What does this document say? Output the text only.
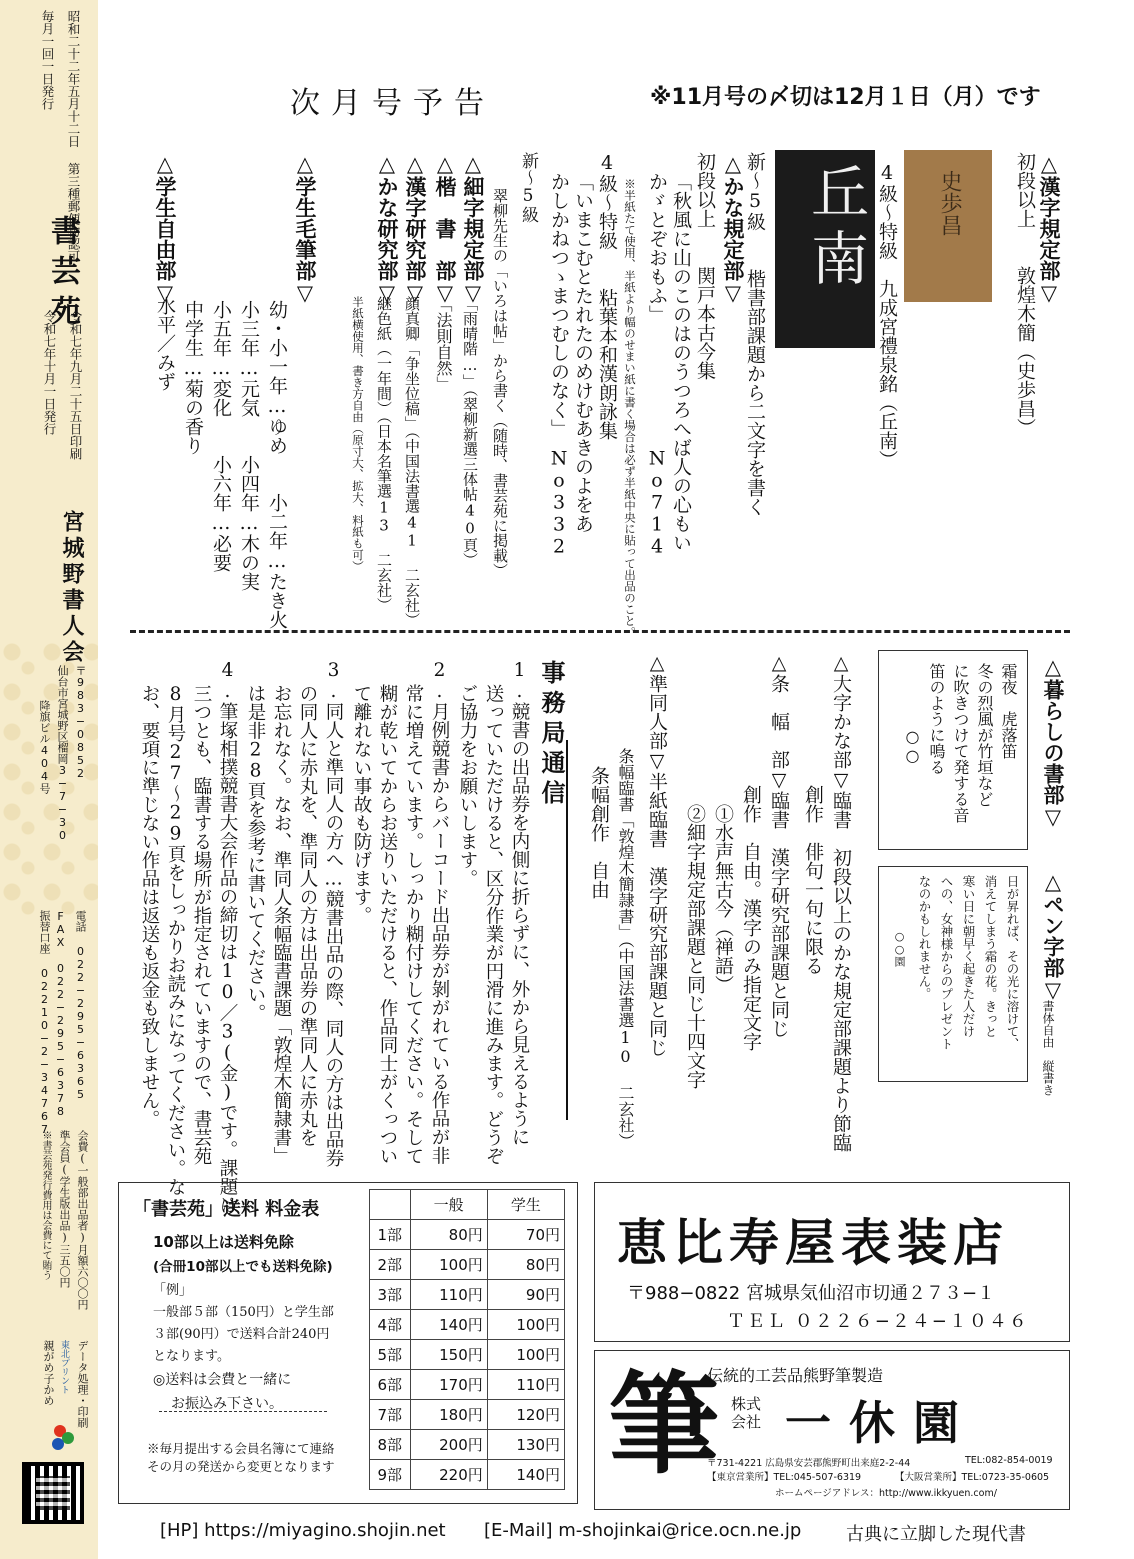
昭和二十二年五月十二日 第三種郵便物認可
毎月一回一日発行
書芸苑
令和七年九月二十五日印刷
令和七年十月一日発行
宮城野書人会
〒983−0852
仙台市宮城野区榴岡3−7−30
降旗ビル404号
電話 022−295−6365
FAX 022−295−6378
振替口座 02210−2−34767
会費(一般部出品者)月額六〇〇円
準会員(学生版出品)三五〇円
※書芸苑発行費用は会費にて賄う
データ処理・印刷
東北プリント
親がめ子かめ
次月号予告	※11月号の〆切は12月１日（月）です
△漢字規定部▽
初段以上　　敦煌木簡（史歩昌）
史歩昌
4級〜特級　九成宮禮泉銘（丘南）
丘南
新〜5級　　楷書部課題から二文字を書く
△かな規定部▽
初段以上　　関戸本古今集
「秋風に山のこのはのうつろへば人の心もい
かゞとぞおもふ」　　　　　　　No714
※半紙たて使用、半紙より幅のせまい紙に書く場合は必ず半紙中央に貼って出品のこと。
4級〜特級　　粘葉本和漢朗詠集
「いまこむとたれたのめけむあきのよをあ
かしかねつゝまつむしのなく」　No332
新〜5級
翠柳先生の「いろは帖」から書く（随時、書芸苑に掲載）
△細字規定部▽
「雨晴階…」（翠柳新選三体帖40頁）
△楷　書　部▽
「法則自然」
△漢字研究部▽
顔真卿「争坐位稿」（中国法書選41 二玄社）
△かな研究部▽
継色紙（一年間）（日本名筆選13 二玄社）
半紙横使用、書き方自由（原寸大、拡大、料紙も可）
△学生毛筆部▽
幼・小一年…ゆめ　　小二年…たき火
小三年…元気　　小四年…木の実
小五年…変化　　小六年…必要
中学生…菊の香り
△学生自由部▽
水平／みず
△暮らしの書部▽
霜夜　虎落笛
冬の烈風が竹垣など
に吹きつけて発する音
笛のように鳴る
　　　　○○
△ペン字部▽
書体自由　縦書き
日が昇れば、その光に溶けて、
消えてしまう霜の花。きっと
寒い日に朝早く起きた人だけ
への、女神様からのプレゼント
なのかもしれません。
　　　　　○○園
△大字かな部▽臨書　初段以上のかな規定部課題より節臨
　　　　　　　創作　俳句一句に限る
△条　幅　部▽臨書　漢字研究部課題と同じ
　　　　　　　創作　自由。漢字のみ指定文字
　　　　　　　　①水声無古今（禅語）
　　　　　　　　②細字規定部課題と同じ十四文字
△準同人部▽半紙臨書　漢字研究部課題と同じ
　　　　　　条幅臨書「敦煌木簡隷書」（中国法書選10 二玄社）
　　　　　　条幅創作　自由
事務局通信
1.競書の出品券を内側に折らずに、外から見えるように
送っていただけると、区分作業が円滑に進みます。どうぞ
ご協力をお願いします。
2.月例競書からバーコード出品券が剝がれている作品が非
常に増えています。しっかり糊付けしてください。そして
糊が乾いてからお送りいただけると、作品同士がくっつい
て離れない事故も防げます。
3.同人と準同人の方へ…競書出品の際、同人の方は出品券
の同人に赤丸を、準同人の方は出品券の準同人に赤丸を
お忘れなく。なお、準同人条幅臨書課題「敦煌木簡隷書」
は是非28頁を参考に書いてください。
4.筆塚相撲競書大会作品の締切は10／3(金)です。課題は
三つとも、臨書する場所が指定されていますので、書芸苑
8月号27〜29頁をしっかりお読みになってください。な
お、要項に準じない作品は返送も返金も致しません。
「書芸苑」送料 料金表
10部以上は送料免除
(合冊10部以上でも送料免除)
「例」
一般部５部（150円）と学生部
３部(90円）で送料合計240円
となります。
◎送料は会費と一緒に
お振込み下さい。
※毎月提出する会員名簿にて連絡
その月の発送から変更となります
	一般	学生
1部	80円	70円
2部	100円	80円
3部	110円	90円
4部	140円	100円
5部	150円	100円
6部	170円	110円
7部	180円	120円
8部	200円	130円
9部	220円	140円
恵比寿屋表装店
〒988−0822 宮城県気仙沼市切通２７３−１
ＴＥＬ ０２２６−２４−１０４６
筆
伝統的工芸品熊野筆製造
株式会社 一休園
〒731-4221 広島県安芸郡熊野町出来庭2-2-44	TEL:082-854-0019
【東京営業所】TEL:045-507-6319	【大阪営業所】TEL:0723-35-0605
ホームページアドレス：http://www.ikkyuen.com/
[HP] https://miyagino.shojin.net [E-Mail] m-shojinkai@rice.ocn.ne.jp 古典に立脚した現代書
